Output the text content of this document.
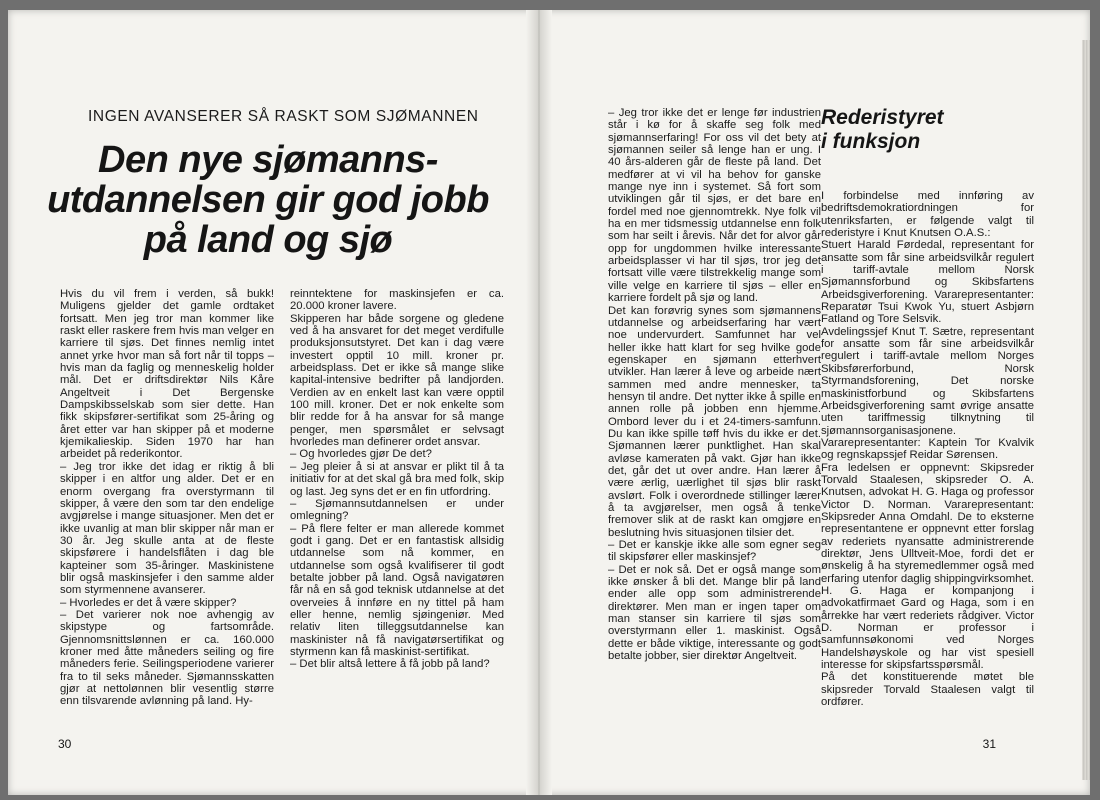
INGEN AVANSERER SÅ RASKT SOM SJØMANNEN
Den nye sjømanns-
utdannelsen gir god jobb
på land og sjø

Hvis du vil frem i verden, så bukk! Muligens gjelder det gamle ordtaket fortsatt. Men jeg tror man kommer like raskt eller raskere frem hvis man velger en karriere til sjøs. Det finnes nemlig intet annet yrke hvor man så fort når til topps – hvis man da faglig og menneskelig holder mål. Det er driftsdirektør Nils Kåre Angeltveit i Det Bergenske Dampskibsselskab som sier dette. Han fikk skipsfører-sertifikat som 25-åring og året etter var han skipper på et moderne kjemikalieskip. Siden 1970 har han arbeidet på rederikontor.

– Jeg tror ikke det idag er riktig å bli skipper i en altfor ung alder. Det er en enorm overgang fra overstyrmann til skipper, å være den som tar den endelige avgjørelse i mange situasjoner. Men det er ikke uvanlig at man blir skipper når man er 30 år. Jeg skulle anta at de fleste skipsførere i handelsflåten i dag ble kapteiner som 35-åringer. Maskinistene blir også maskinsjefer i den samme alder som styrmennene avanserer.

– Hvorledes er det å være skipper?

– Det varierer nok noe avhengig av skipstype og fartsområde. Gjennomsnittslønnen er ca. 160.000 kroner med åtte måneders seiling og fire måneders ferie. Seilingsperiodene varierer fra to til seks måneder. Sjømannsskatten gjør at nettolønnen blir vesentlig større enn tilsvarende avlønning på land. Hy-

reinntektene for maskinsjefen er ca. 20.000 kroner lavere.

Skipperen har både sorgene og gledene ved å ha ansvaret for det meget verdifulle produksjonsutstyret. Det kan i dag være investert opptil 10 mill. kroner pr. arbeidsplass. Det er ikke så mange slike kapital-intensive bedrifter på landjorden. Verdien av en enkelt last kan være opptil 100 mill. kroner. Det er nok enkelte som blir redde for å ha ansvar for så mange penger, men spørsmålet er selvsagt hvorledes man definerer ordet ansvar.

– Og hvorledes gjør De det?

– Jeg pleier å si at ansvar er plikt til å ta initiativ for at det skal gå bra med folk, skip og last. Jeg syns det er en fin utfordring.

– Sjømannsutdannelsen er under omlegning?

– På flere felter er man allerede kommet godt i gang. Det er en fantastisk allsidig utdannelse som nå kommer, en utdannelse som også kvalifiserer til godt betalte jobber på land. Også navigatøren får nå en så god teknisk utdannelse at det overveies å innføre en ny tittel på ham eller henne, nemlig sjøingeniør. Med relativ liten tilleggsutdannelse kan maskinister nå få navigatørsertifikat og styrmenn kan få maskinist-sertifikat.

– Det blir altså lettere å få jobb på land?

30

– Jeg tror ikke det er lenge før industrien står i kø for å skaffe seg folk med sjømannserfaring! For oss vil det bety at sjømannen seiler så lenge han er ung. I 40 års-alderen går de fleste på land. Det medfører at vi vil ha behov for ganske mange nye inn i systemet. Så fort som utviklingen går til sjøs, er det bare en fordel med noe gjennomtrekk. Nye folk vil ha en mer tidsmessig utdannelse enn folk som har seilt i årevis. Når det for alvor går opp for ungdommen hvilke interessante arbeidsplasser vi har til sjøs, tror jeg det fortsatt ville være tilstrekkelig mange som ville velge en karriere til sjøs – eller en karriere fordelt på sjø og land.

Det kan forøvrig synes som sjømannens utdannelse og arbeidserfaring har vært noe undervurdert. Samfunnet har vel heller ikke hatt klart for seg hvilke gode egenskaper en sjømann etterhvert utvikler. Han lærer å leve og arbeide nært sammen med andre mennesker, ta hensyn til andre. Det nytter ikke å spille en annen rolle på jobben enn hjemme. Ombord lever du i et 24-timers-samfunn. Du kan ikke spille tøff hvis du ikke er det. Sjømannen lærer punktlighet. Han skal avløse kameraten på vakt. Gjør han ikke det, går det ut over andre. Han lærer å være ærlig, uærlighet til sjøs blir raskt avslørt. Folk i overordnede stillinger lærer å ta avgjørelser, men også å tenke fremover slik at de raskt kan omgjøre en beslutning hvis situasjonen tilsier det.

– Det er kanskje ikke alle som egner seg til skipsfører eller maskinsjef?

– Det er nok så. Det er også mange som ikke ønsker å bli det. Mange blir på land ender alle opp som administrerende direktører. Men man er ingen taper om man stanser sin karriere til sjøs som overstyrmann eller 1. maskinist. Også dette er både viktige, interessante og godt betalte jobber, sier direktør Angeltveit.

Rederistyret
i funksjon

I forbindelse med innføring av bedriftsdemokratiordningen for utenriksfarten, er følgende valgt til rederistyre i Knut Knutsen O.A.S.:

Stuert Harald Førdedal, representant for ansatte som får sine arbeidsvilkår regulert i tariff-avtale mellom Norsk Sjømannsforbund og Skibsfartens Arbeidsgiverforening. Vararepresentanter: Reparatør Tsui Kwok Yu, stuert Asbjørn Fatland og Tore Selsvik.

Avdelingssjef Knut T. Sætre, representant for ansatte som får sine arbeidsvilkår regulert i tariff-avtale mellom Norges Skibsførerforbund, Norsk Styrmandsforening, Det norske maskinistforbund og Skibsfartens Arbeidsgiverforening samt øvrige ansatte uten tariffmessig tilknytning til sjømannsorganisasjonene. Vararepresentanter: Kaptein Tor Kvalvik og regnskapssjef Reidar Sørensen.

Fra ledelsen er oppnevnt: Skipsreder Torvald Staalesen, skipsreder O. A. Knutsen, advokat H. G. Haga og professor Victor D. Norman. Vararepresentant: Skipsreder Anna Omdahl. De to eksterne representantene er oppnevnt etter forslag av rederiets nyansatte administrerende direktør, Jens Ulltveit-Moe, fordi det er ønskelig å ha styremedlemmer også med erfaring utenfor daglig shippingvirksomhet. H. G. Haga er kompanjong i advokatfirmaet Gard og Haga, som i en årrekke har vært rederiets rådgiver. Victor D. Norman er professor i samfunnsøkonomi ved Norges Handelshøyskole og har vist spesiell interesse for skipsfartsspørsmål.

På det konstituerende møtet ble skipsreder Torvald Staalesen valgt til ordfører.

31
